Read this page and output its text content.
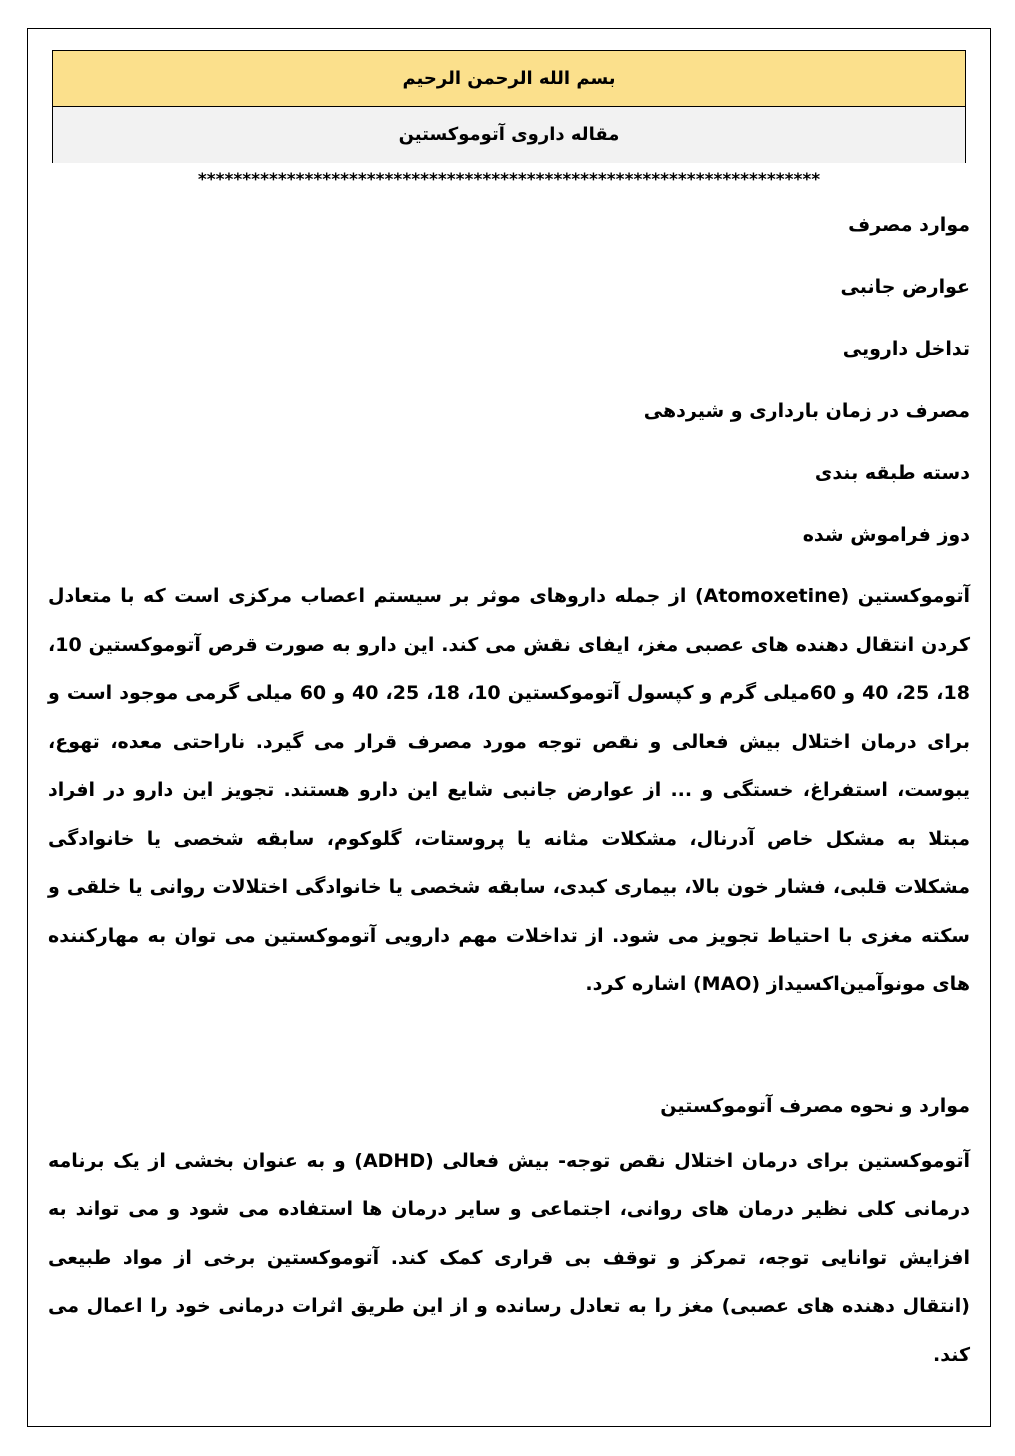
بسم الله الرحمن الرحیم
مقاله داروی آتوموکستین
**********************************************************************
موارد مصرف
عوارض جانبی
تداخل دارویی
مصرف در زمان بارداری و شیردهی
دسته طبقه بندی
دوز فراموش شده

آتوموکستین (Atomoxetine) از جمله داروهای موثر بر سیستم اعصاب مرکزی است که با متعادل کردن انتقال دهنده های عصبی مغز، ایفای نقش می کند. این دارو به صورت قرص آتوموکستین 10، 18، 25، 40 و 60میلی گرم و کپسول آتوموکستین 10، 18، 25، 40 و 60 میلی گرمی موجود است و برای درمان اختلال بیش فعالی و نقص توجه مورد مصرف قرار می گیرد. ناراحتی معده، تهوع، یبوست، استفراغ، خستگی و ... از عوارض جانبی شایع این دارو هستند. تجویز این دارو در افراد مبتلا به مشکل خاص آدرنال، مشکلات مثانه یا پروستات، گلوکوم، سابقه شخصی یا خانوادگی مشکلات قلبی، فشار خون بالا، بیماری کبدی، سابقه شخصی یا خانوادگی اختلالات روانی یا خلقی و سکته مغزی با احتیاط تجویز می شود. از تداخلات مهم دارویی آتوموکستین می توان به مهارکننده های مونوآمین‌اکسیداز (MAO) اشاره کرد.

موارد و نحوه مصرف آتوموکستین

آتوموکستین برای درمان اختلال نقص توجه- بیش فعالی (ADHD) و به عنوان بخشی از یک برنامه درمانی کلی نظیر درمان های روانی، اجتماعی و سایر درمان ها استفاده می شود و می تواند به افزایش توانایی توجه، تمرکز و توقف بی قراری کمک کند. آتوموکستین برخی از مواد طبیعی (انتقال دهنده های عصبی) مغز را به تعادل رسانده و از این طریق اثرات درمانی خود را اعمال می کند.
